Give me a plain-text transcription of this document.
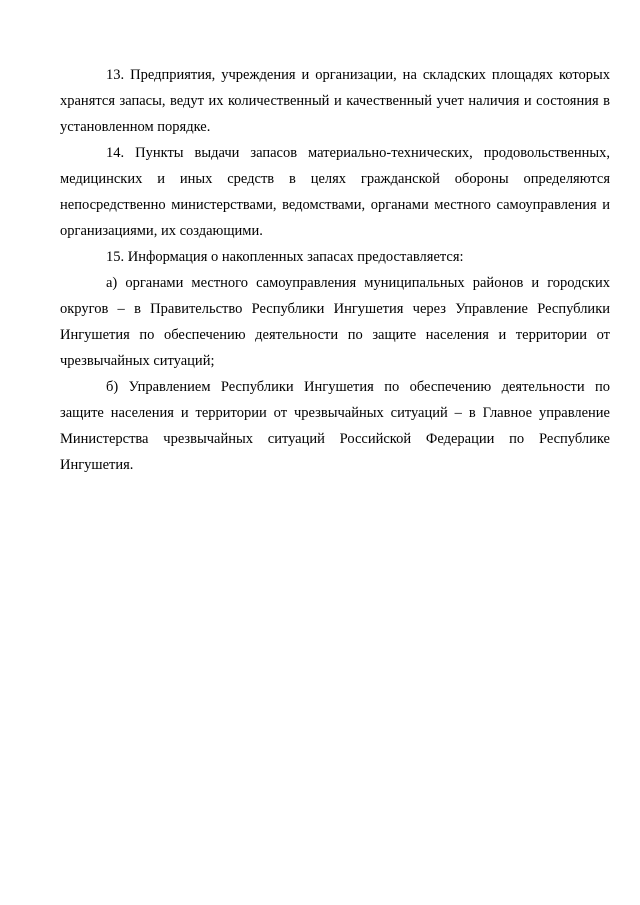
13. Предприятия, учреждения и организации, на складских площадях которых хранятся запасы, ведут их количественный и качественный учет наличия и состояния в установленном порядке.

14. Пункты выдачи запасов материально-технических, продовольственных, медицинских и иных средств в целях гражданской обороны определяются непосредственно министерствами, ведомствами, органами местного самоуправления и организациями, их создающими.

15. Информация о накопленных запасах предоставляется:

а) органами местного самоуправления муниципальных районов и городских округов – в Правительство Республики Ингушетия через Управление Республики Ингушетия по обеспечению деятельности по защите населения и территории от чрезвычайных ситуаций;

б) Управлением Республики Ингушетия по обеспечению деятельности по защите населения и территории от чрезвычайных ситуаций – в Главное управление Министерства чрезвычайных ситуаций Российской Федерации по Республике Ингушетия.
